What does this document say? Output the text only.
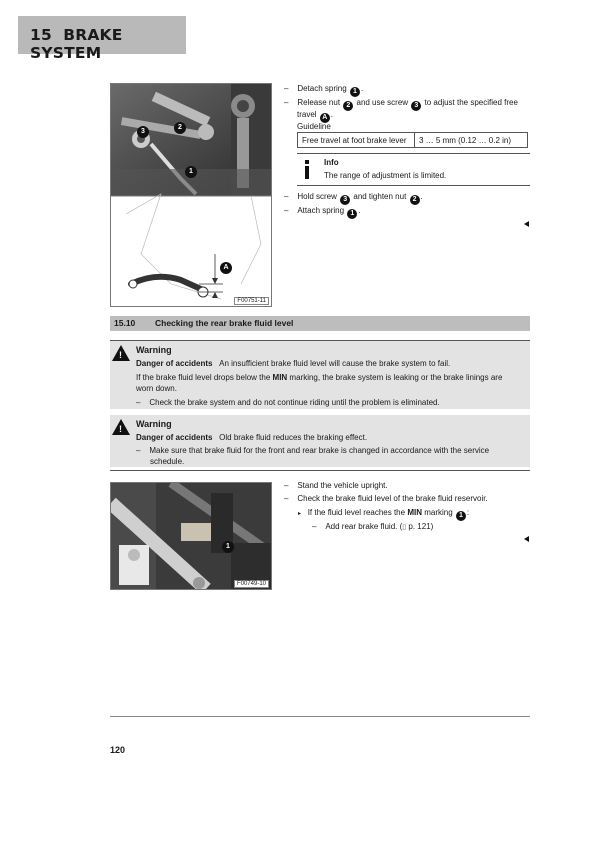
15 BRAKE SYSTEM
3
2
1
A
F00751-11
–    Detach spring 1 .
–    Release nut 2 and use screw 3 to adjust the specified free
travel A .
Guideline
Free travel at foot brake lever	3 … 5 mm (0.12 … 0.2 in)
Info
The range of adjustment is limited.
–    Hold screw 3 and tighten nut 2 .
–    Attach spring 1 .
15.10 Checking the rear brake fluid level
! Warning
Danger of accidents An insufficient brake fluid level will cause the brake system to fail.
If the brake fluid level drops below the MIN marking, the brake system is leaking or the brake linings are
worn down.
–    Check the brake system and do not continue riding until the problem is eliminated.
! Warning
Danger of accidents Old brake fluid reduces the braking effect.
–    Make sure that brake fluid for the front and rear brake is changed in accordance with the service
schedule.
1
F00749-10
–    Stand the vehicle upright.
–    Check the brake fluid level of the brake fluid reservoir.
▸ If the fluid level reaches the MIN marking 1 :
–    Add rear brake fluid. (▯ p. 121)
120
